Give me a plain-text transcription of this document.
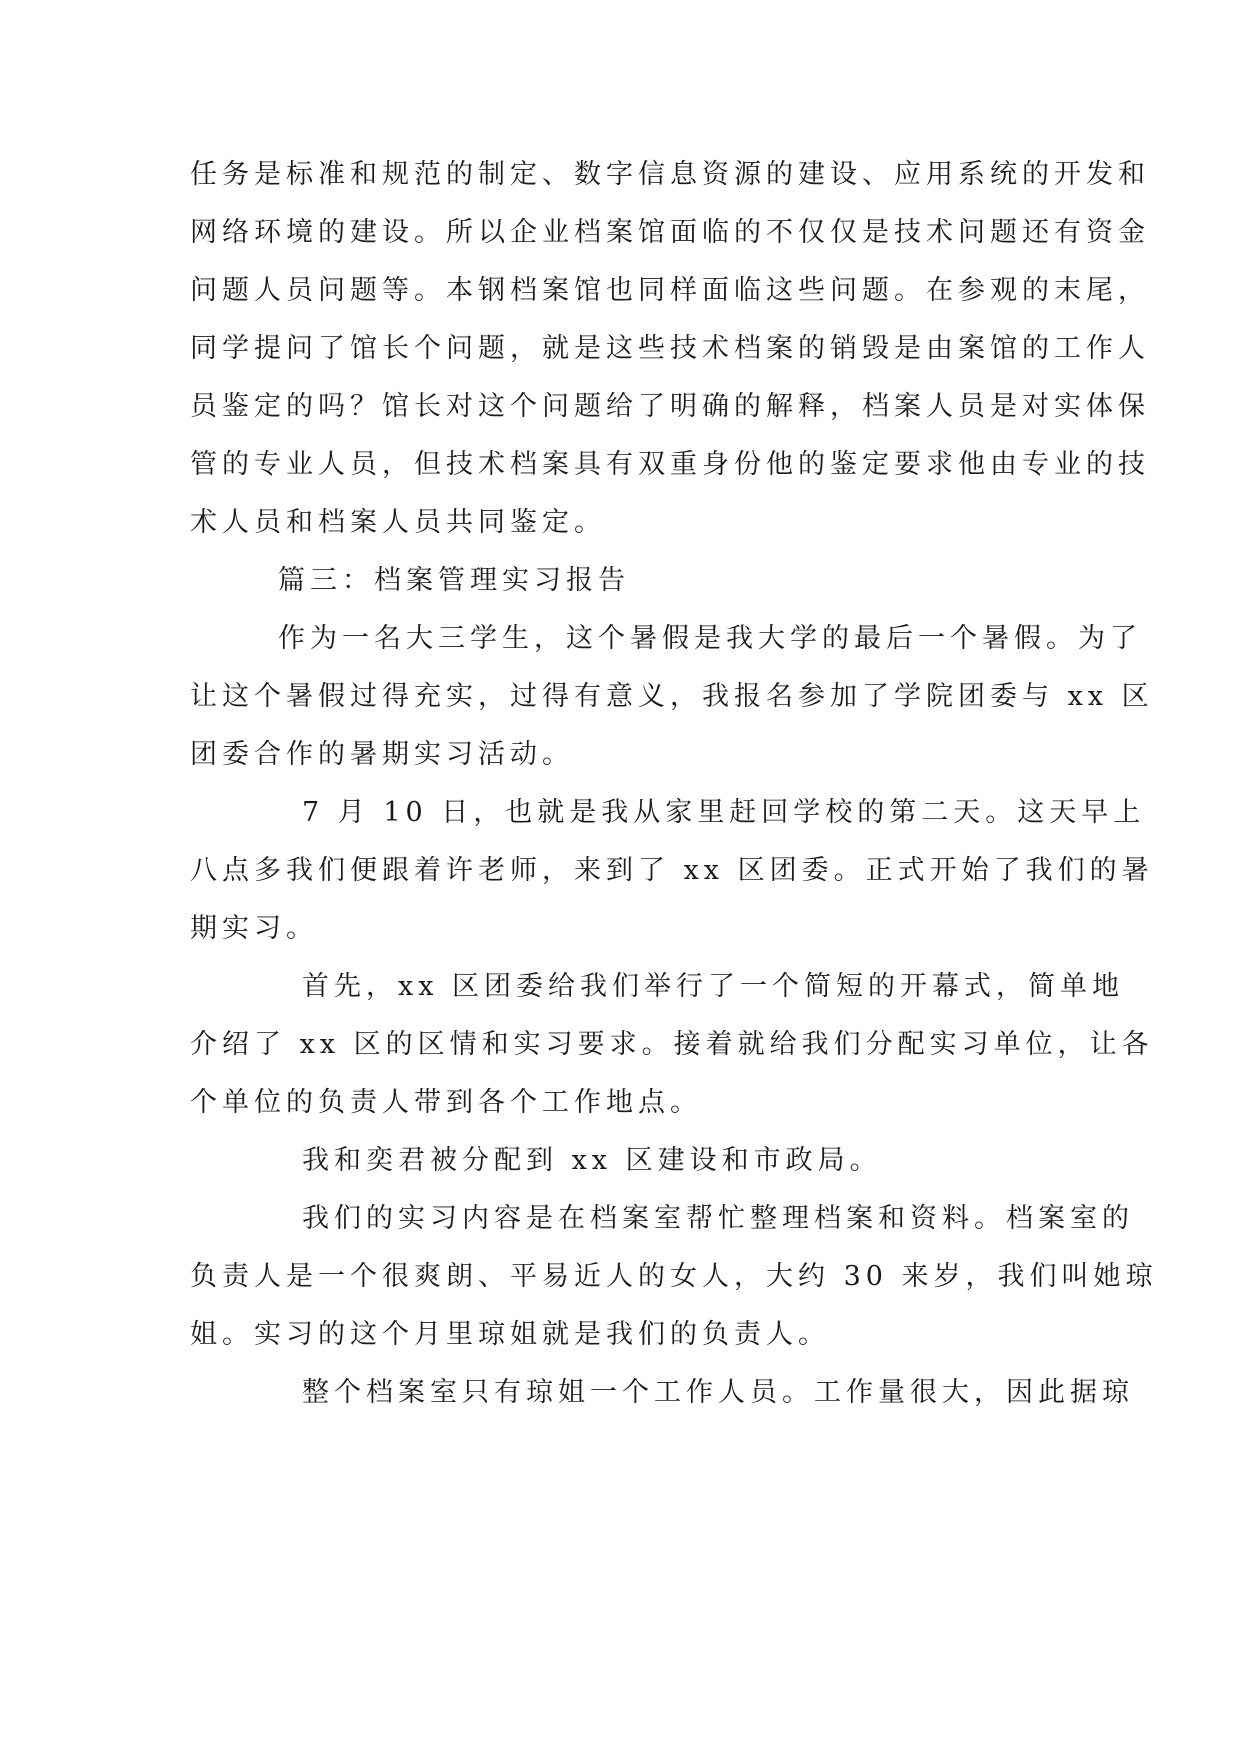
任务是标准和规范的制定、数字信息资源的建设、应用系统的开发和
网络环境的建设。所以企业档案馆面临的不仅仅是技术问题还有资金
问题人员问题等。本钢档案馆也同样面临这些问题。在参观的末尾，
同学提问了馆长个问题，就是这些技术档案的销毁是由案馆的工作人
员鉴定的吗？馆长对这个问题给了明确的解释，档案人员是对实体保
管的专业人员，但技术档案具有双重身份他的鉴定要求他由专业的技
术人员和档案人员共同鉴定。
篇三：档案管理实习报告
作为一名大三学生，这个暑假是我大学的最后一个暑假。为了
让这个暑假过得充实，过得有意义，我报名参加了学院团委与 xx 区
团委合作的暑期实习活动。
7 月 10 日，也就是我从家里赶回学校的第二天。这天早上
八点多我们便跟着许老师，来到了 xx 区团委。正式开始了我们的暑
期实习。
首先，xx 区团委给我们举行了一个简短的开幕式，简单地
介绍了 xx 区的区情和实习要求。接着就给我们分配实习单位，让各
个单位的负责人带到各个工作地点。
我和奕君被分配到 xx 区建设和市政局。
我们的实习内容是在档案室帮忙整理档案和资料。档案室的
负责人是一个很爽朗、平易近人的女人，大约 30 来岁，我们叫她琼
姐。实习的这个月里琼姐就是我们的负责人。
整个档案室只有琼姐一个工作人员。工作量很大，因此据琼
